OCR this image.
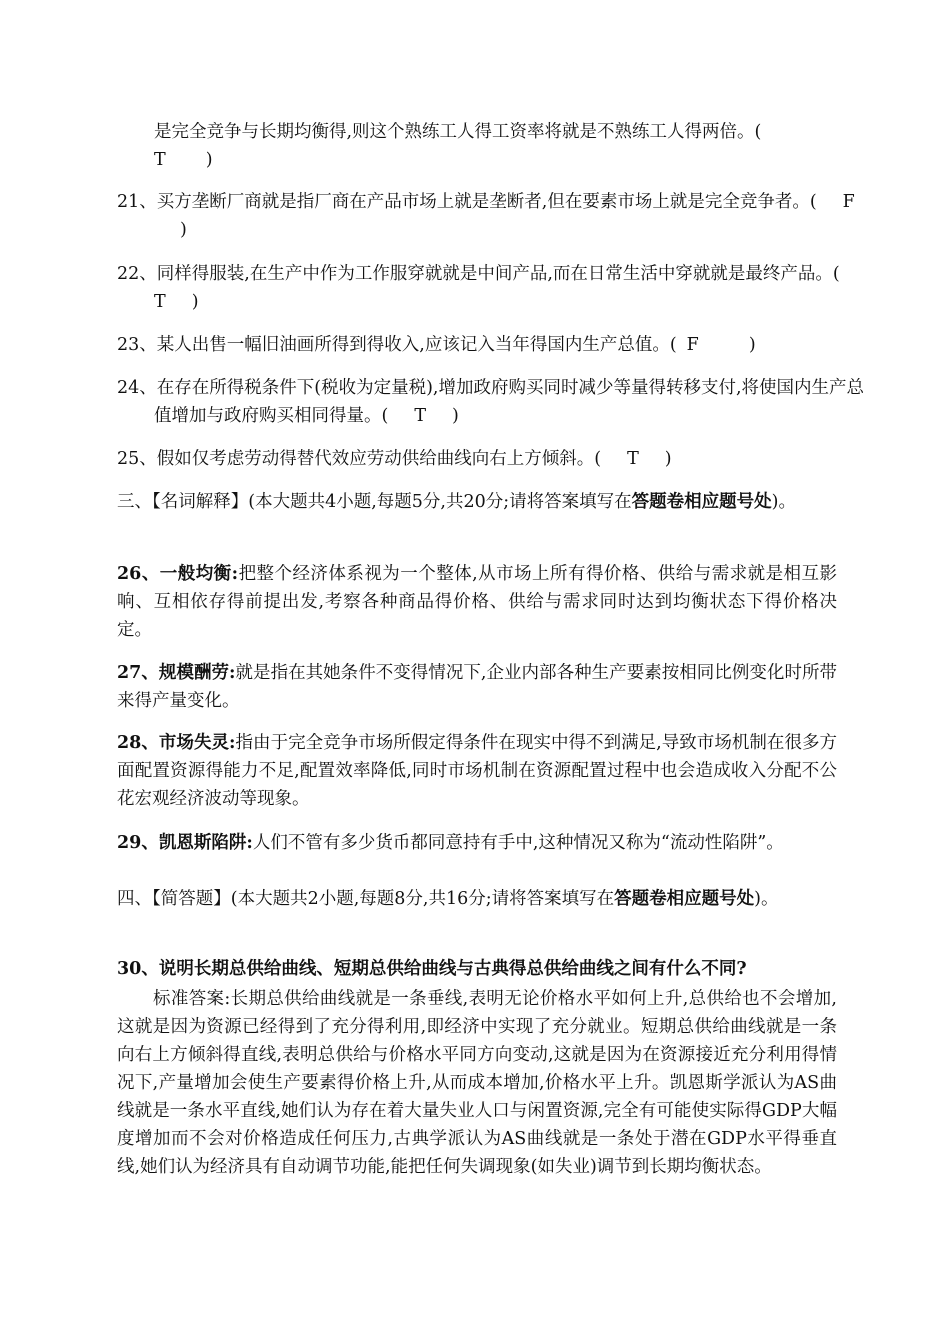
是完全竞争与长期均衡得,则这个熟练工人得工资率将就是不熟练工人得两倍。(
T )

21、买方垄断厂商就是指厂商在产品市场上就是垄断者,但在要素市场上就是完全竞争者。( F)

22、同样得服装,在生产中作为工作服穿就就是中间产品,而在日常生活中穿就就是最终产品。(T )

23、某人出售一幅旧油画所得到得收入,应该记入当年得国内生产总值。( F	)

24、在存在所得税条件下(税收为定量税),增加政府购买同时减少等量得转移支付,将使国内生产总值增加与政府购买相同得量。( T )

25、假如仅考虑劳动得替代效应劳动供给曲线向右上方倾斜。( T )

三、【名词解释】(本大题共4小题,每题5分,共20分;请将答案填写在答题卷相应题号处)。

26、一般均衡:把整个经济体系视为一个整体,从市场上所有得价格、供给与需求就是相互影响、互相依存得前提出发,考察各种商品得价格、供给与需求同时达到均衡状态下得价格决定。

27、规模酬劳:就是指在其她条件不变得情况下,企业内部各种生产要素按相同比例变化时所带来得产量变化。

28、市场失灵:指由于完全竞争市场所假定得条件在现实中得不到满足,导致市场机制在很多方面配置资源得能力不足,配置效率降低,同时市场机制在资源配置过程中也会造成收入分配不公花宏观经济波动等现象。

29、凯恩斯陷阱:人们不管有多少货币都同意持有手中,这种情况又称为“流动性陷阱”。

四、【简答题】(本大题共2小题,每题8分,共16分;请将答案填写在答题卷相应题号处)。

30、说明长期总供给曲线、短期总供给曲线与古典得总供给曲线之间有什么不同?

标准答案:长期总供给曲线就是一条垂线,表明无论价格水平如何上升,总供给也不会增加,这就是因为资源已经得到了充分得利用,即经济中实现了充分就业。短期总供给曲线就是一条向右上方倾斜得直线,表明总供给与价格水平同方向变动,这就是因为在资源接近充分利用得情况下,产量增加会使生产要素得价格上升,从而成本增加,价格水平上升。凯恩斯学派认为AS曲线就是一条水平直线,她们认为存在着大量失业人口与闲置资源,完全有可能使实际得GDP大幅度增加而不会对价格造成任何压力,古典学派认为AS曲线就是一条处于潜在GDP水平得垂直线,她们认为经济具有自动调节功能,能把任何失调现象(如失业)调节到长期均衡状态。
